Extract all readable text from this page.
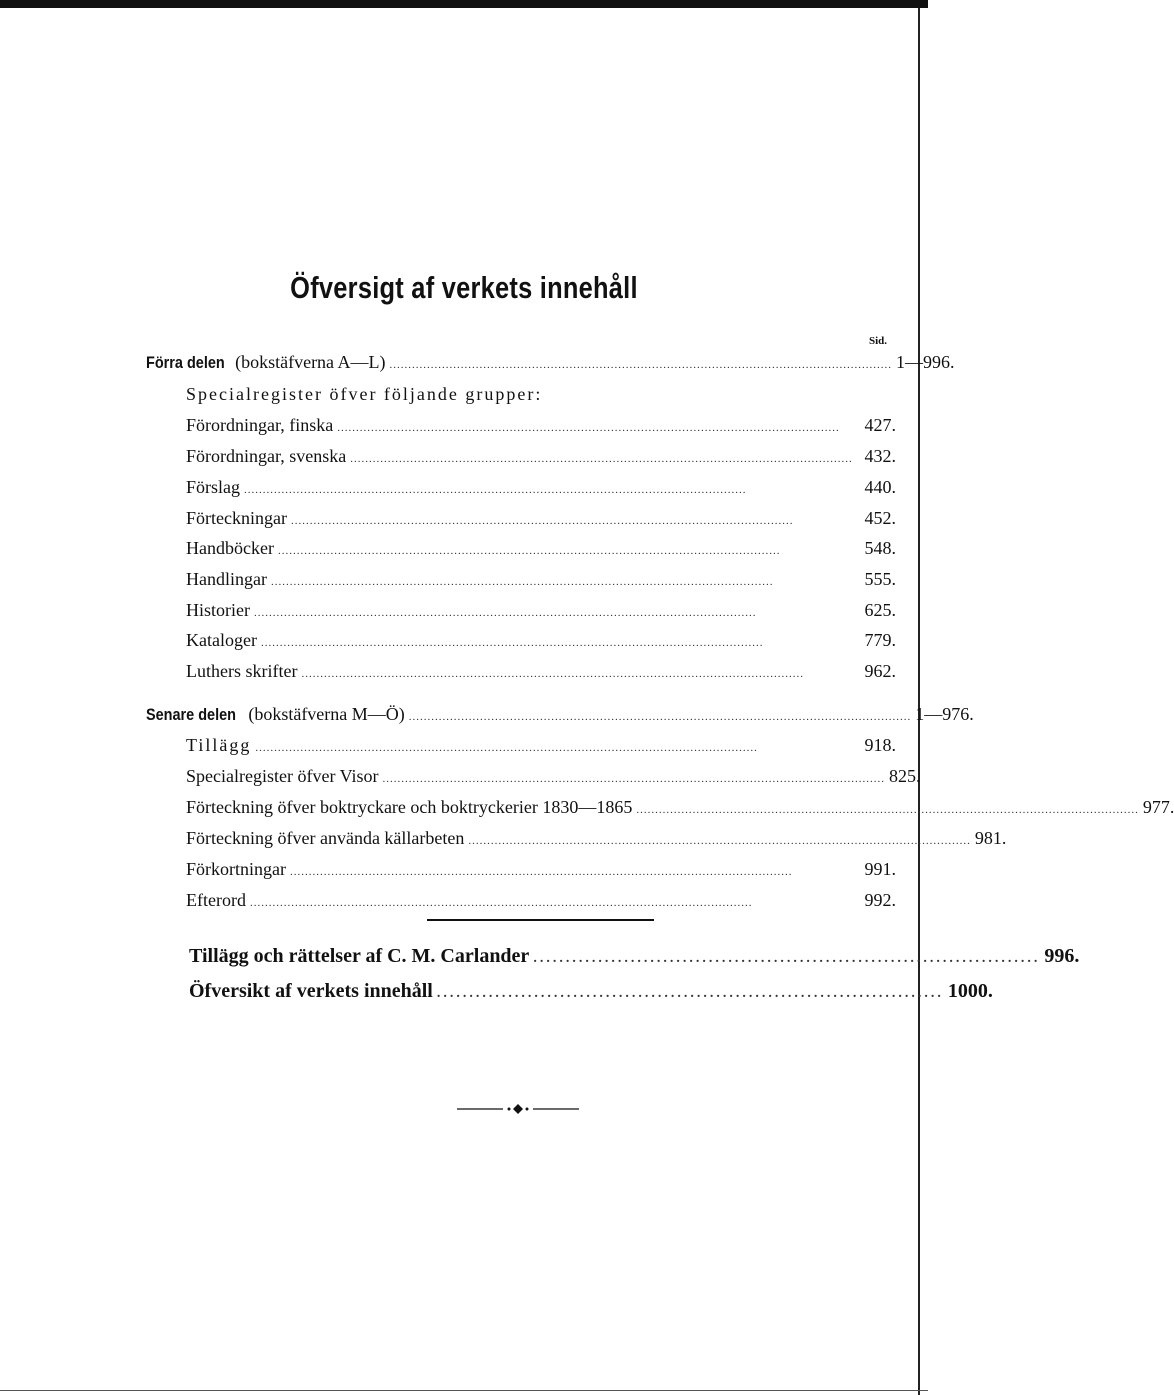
Öfversigt af verkets innehåll
Sid.
Förra delen (bokstäfverna A—L) ...................................................................................................................................... 1—996.
Specialregister öfver följande grupper:
Förordningar, finska ......................................................................................................................................	427.
Förordningar, svenska ...................................................................................................................................... 432.
Förslag ......................................................................................................................................	440.
Förteckningar ......................................................................................................................................	452.
Handböcker ......................................................................................................................................	548.
Handlingar ......................................................................................................................................	555.
Historier ......................................................................................................................................	625.
Kataloger ......................................................................................................................................	779.
Luthers skrifter ......................................................................................................................................	962.
Senare delen (bokstäfverna M—Ö) ...................................................................................................................................... 1—976.
Tillägg ......................................................................................................................................	918.
Specialregister öfver Visor ...................................................................................................................................... 825.
Förteckning öfver boktryckare och boktryckerier 1830—1865 ...................................................................................................................................... 977.
Förteckning öfver använda källarbeten ...................................................................................................................................... 981.
Förkortningar ......................................................................................................................................	991.
Efterord ......................................................................................................................................	992.
Tillägg och rättelser af C. M. Carlander .............................................................................. 996.
Öfversikt af verkets innehåll .............................................................................. 1000.
